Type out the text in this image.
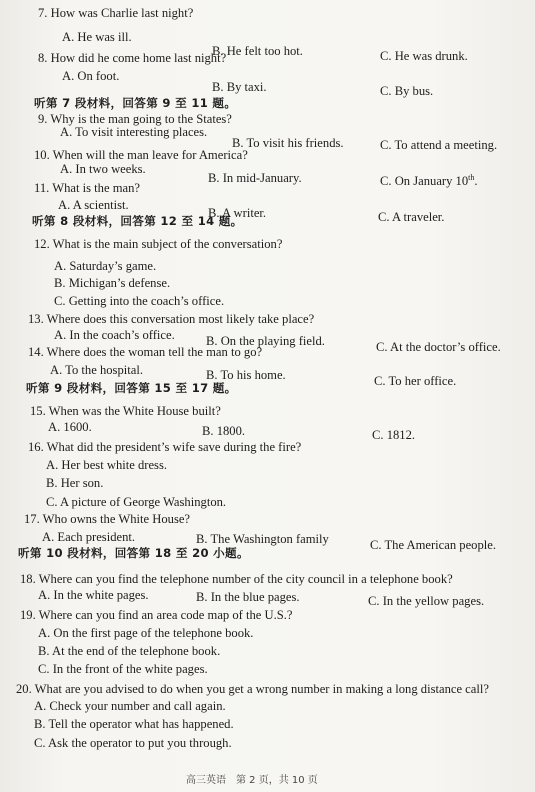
7. How was Charlie last night?
A. He was ill.
B. He felt too hot.	C. He was drunk.
8. How did he come home last night?
A. On foot.
B. By taxi.	C. By bus.
听第 7 段材料，回答第 9 至 11 题。
9. Why is the man going to the States?
A. To visit interesting places.
B. To visit his friends.	C. To attend a meeting.
10. When will the man leave for America?
A. In two weeks.
B. In mid-January.	C. On January 10th.
11. What is the man?
A. A scientist.
B. A writer.	C. A traveler.
听第 8 段材料，回答第 12 至 14 题。
12. What is the main subject of the conversation?
A. Saturday’s game.
B. Michigan’s defense.
C. Getting into the coach’s office.
13. Where does this conversation most likely take place?
A. In the coach’s office. B. On the playing field.	C. At the doctor’s office.
14. Where does the woman tell the man to go?
A. To the hospital.	B. To his home.	C. To her office.
听第 9 段材料，回答第 15 至 17 题。
15. When was the White House built?
A. 1600.	B. 1800.	C. 1812.
16. What did the president’s wife save during the fire?
A. Her best white dress.
B. Her son.
C. A picture of George Washington.
17. Who owns the White House?
A. Each president.	B. The Washington family	C. The American people.
听第 10 段材料，回答第 18 至 20 小题。
18. Where can you find the telephone number of the city council in a telephone book?
A. In the white pages.	B. In the blue pages.	C. In the yellow pages.
19. Where can you find an area code map of the U.S.?
A. On the first page of the telephone book.
B. At the end of the telephone book.
C. In the front of the white pages.
20. What are you advised to do when you get a wrong number in making a long distance call?
A. Check your number and call again.
B. Tell the operator what has happened.
C. Ask the operator to put you through.
高三英语　第 2 页，共 10 页
